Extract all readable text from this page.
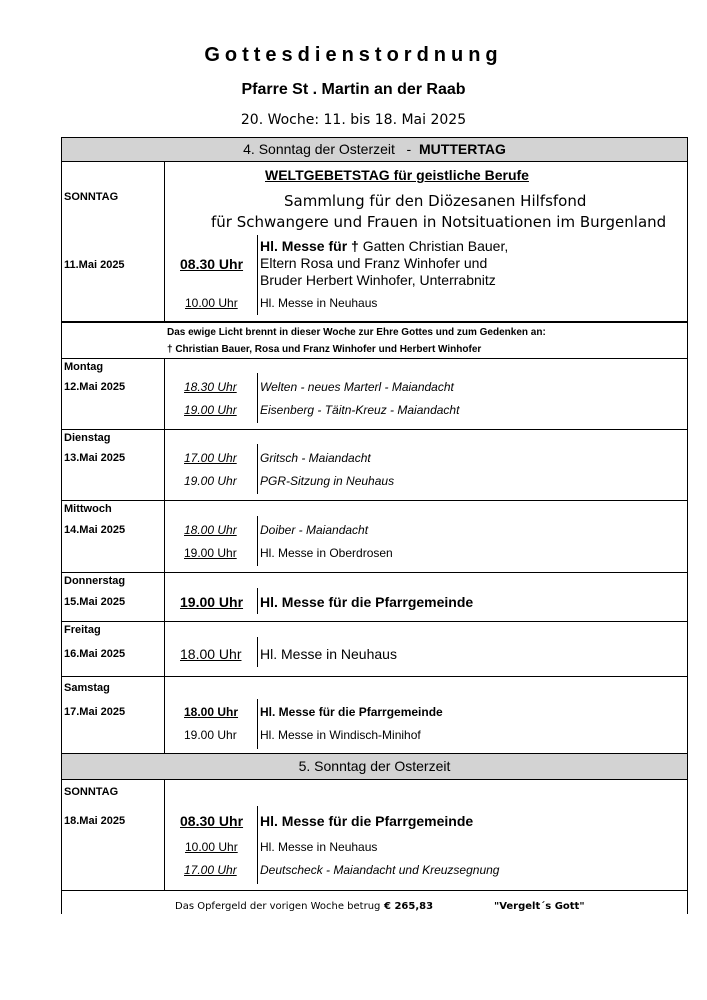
Gottesdienstordnung
Pfarre St . Martin an der Raab
20. Woche: 11. bis 18. Mai 2025
4. Sonntag der Osterzeit   -  MUTTERTAG
SONNTAG
WELTGEBETSTAG für geistliche Berufe
Sammlung für den Diözesanen Hilfsfond
für Schwangere und Frauen in Notsituationen im Burgenland
11.Mai 2025	08.30 Uhr
Hl. Messe für † Gatten Christian Bauer,
Eltern Rosa und Franz Winhofer und
Bruder Herbert Winhofer, Unterrabnitz
10.00 Uhr Hl. Messe in Neuhaus
Das ewige Licht brennt in dieser Woche zur Ehre Gottes und zum Gedenken an:
† Christian Bauer, Rosa und Franz Winhofer und Herbert Winhofer
Montag
12.Mai 2025	18.30 Uhr Welten - neues Marterl - Maiandacht
19.00 Uhr Eisenberg - Täitn-Kreuz - Maiandacht
Dienstag
13.Mai 2025	17.00 Uhr Gritsch - Maiandacht
19.00 Uhr PGR-Sitzung in Neuhaus
Mittwoch
14.Mai 2025	18.00 Uhr Doiber - Maiandacht
19.00 Uhr Hl. Messe in Oberdrosen
Donnerstag
15.Mai 2025	19.00 Uhr Hl. Messe für die Pfarrgemeinde
Freitag
16.Mai 2025	18.00 Uhr Hl. Messe in Neuhaus
Samstag
17.Mai 2025	18.00 Uhr Hl. Messe für die Pfarrgemeinde
19.00 Uhr Hl. Messe in Windisch-Minihof
5. Sonntag der Osterzeit
SONNTAG
18.Mai 2025	08.30 Uhr Hl. Messe für die Pfarrgemeinde
10.00 Uhr Hl. Messe in Neuhaus
17.00 Uhr Deutscheck - Maiandacht und Kreuzsegnung
Das Opfergeld der vorigen Woche betrug € 265,83	"Vergelt´s Gott"
